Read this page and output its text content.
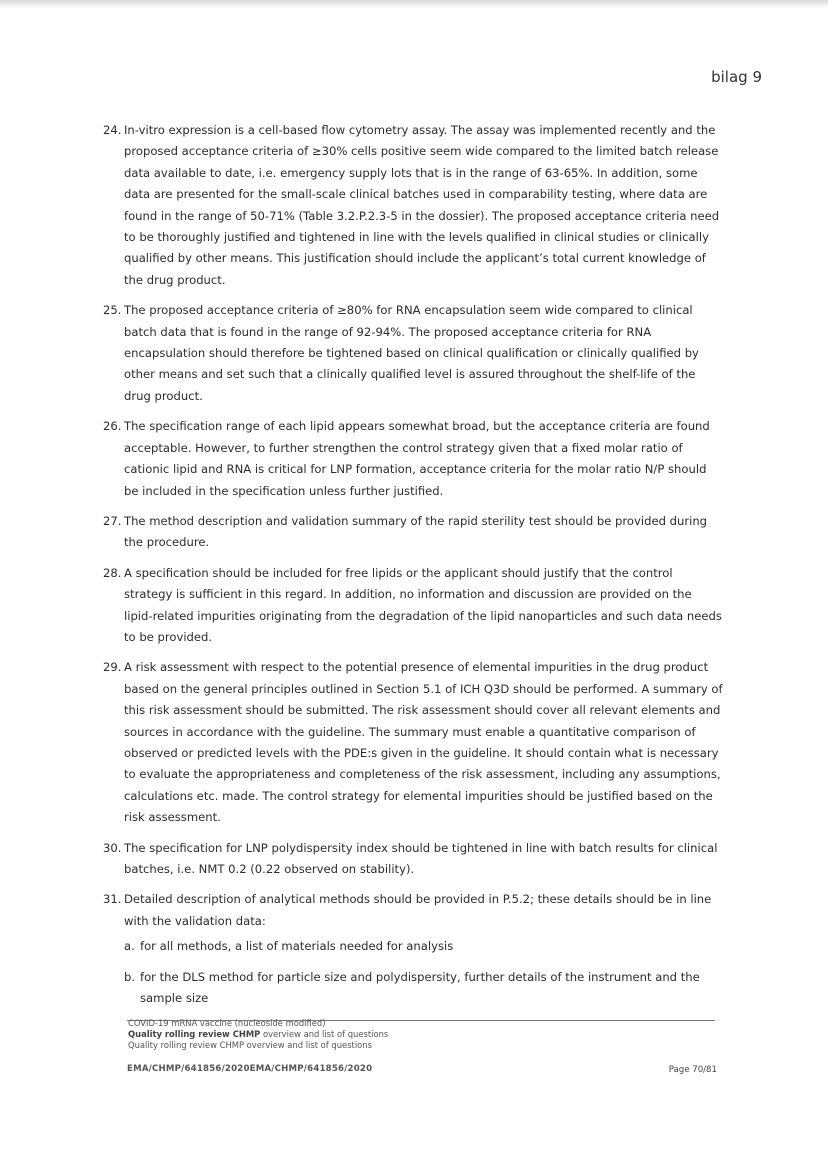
bilag 9
24. In-vitro expression is a cell-based flow cytometry assay. The assay was implemented recently and the proposed acceptance criteria of ≥30% cells positive seem wide compared to the limited batch release data available to date, i.e. emergency supply lots that is in the range of 63-65%. In addition, some data are presented for the small-scale clinical batches used in comparability testing, where data are found in the range of 50-71% (Table 3.2.P.2.3-5 in the dossier). The proposed acceptance criteria need to be thoroughly justified and tightened in line with the levels qualified in clinical studies or clinically qualified by other means. This justification should include the applicant’s total current knowledge of the drug product.
25. The proposed acceptance criteria of ≥80% for RNA encapsulation seem wide compared to clinical batch data that is found in the range of 92-94%. The proposed acceptance criteria for RNA encapsulation should therefore be tightened based on clinical qualification or clinically qualified by other means and set such that a clinically qualified level is assured throughout the shelf-life of the drug product.
26. The specification range of each lipid appears somewhat broad, but the acceptance criteria are found acceptable. However, to further strengthen the control strategy given that a fixed molar ratio of cationic lipid and RNA is critical for LNP formation, acceptance criteria for the molar ratio N/P should be included in the specification unless further justified.
27. The method description and validation summary of the rapid sterility test should be provided during the procedure.
28. A specification should be included for free lipids or the applicant should justify that the control strategy is sufficient in this regard. In addition, no information and discussion are provided on the lipid-related impurities originating from the degradation of the lipid nanoparticles and such data needs to be provided.
29. A risk assessment with respect to the potential presence of elemental impurities in the drug product based on the general principles outlined in Section 5.1 of ICH Q3D should be performed. A summary of this risk assessment should be submitted. The risk assessment should cover all relevant elements and sources in accordance with the guideline. The summary must enable a quantitative comparison of observed or predicted levels with the PDE:s given in the guideline. It should contain what is necessary to evaluate the appropriateness and completeness of the risk assessment, including any assumptions, calculations etc. made. The control strategy for elemental impurities should be justified based on the risk assessment.
30. The specification for LNP polydispersity index should be tightened in line with batch results for clinical batches, i.e. NMT 0.2 (0.22 observed on stability).
31. Detailed description of analytical methods should be provided in P.5.2; these details should be in line with the validation data:
a. for all methods, a list of materials needed for analysis
b. for the DLS method for particle size and polydispersity, further details of the instrument and the sample size
COVID-19 mRNA vaccine (nucleoside modified)
Quality rolling review CHMP overview and list of questions
Quality rolling review CHMP overview and list of questions
EMA/CHMP/641856/2020EMA/CHMP/641856/2020	Page 70/81
